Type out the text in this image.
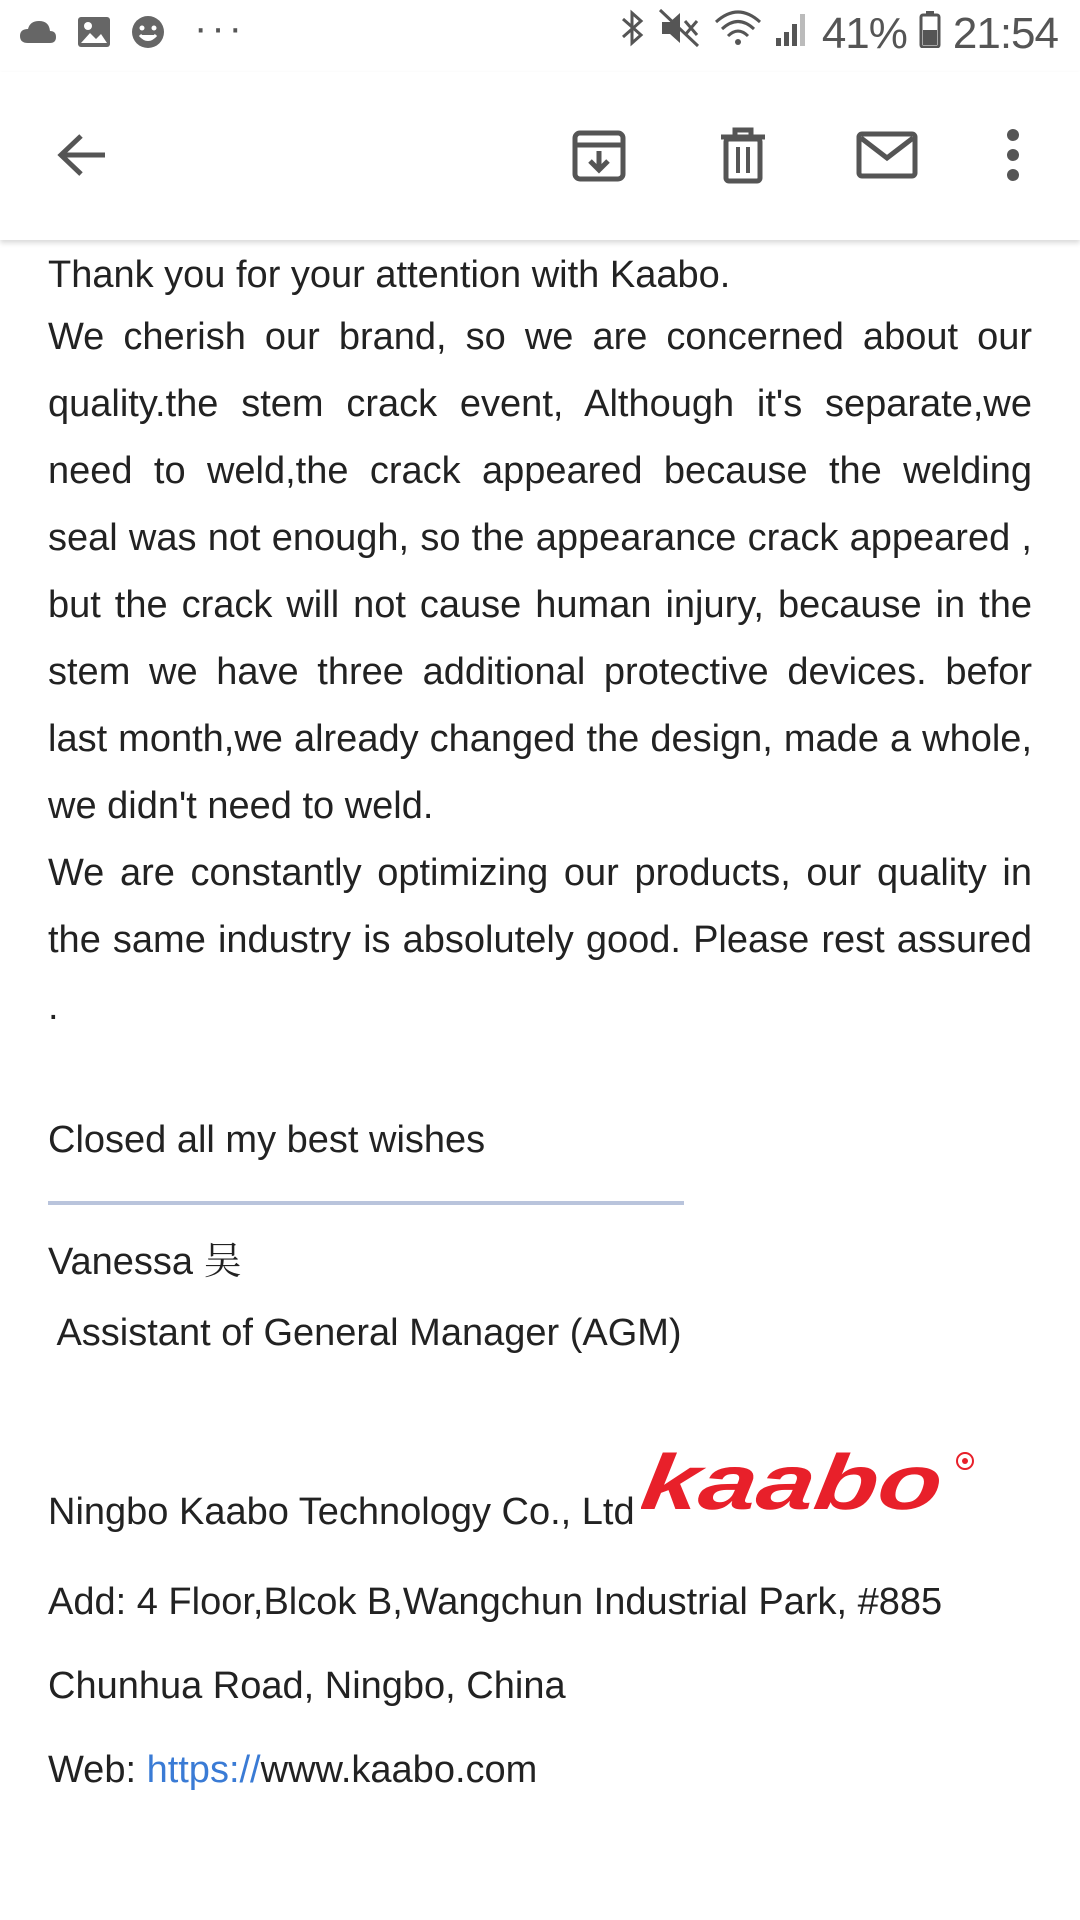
···	41% 21:54

Thank you for your attention with Kaabo.

We cherish our brand, so we are concerned about our quality.the stem crack event, Although it's separate,we need to weld,the crack appeared because the welding seal was not enough, so the appearance crack appeared , but the crack will not cause human injury, because in the stem we have three additional protective devices. befor last month,we already changed the design, made a whole, we didn't need to weld.

We are constantly optimizing our products, our quality in the same industry is absolutely good. Please rest assured .

Closed all my best wishes

Vanessa 吴

Assistant of General Manager (AGM)

Ningbo Kaabo Technology Co., Ltd kaabo

Add: 4 Floor,Blcok B,Wangchun Industrial Park, #885

Chunhua Road, Ningbo, China

Web: https://www.kaabo.com
